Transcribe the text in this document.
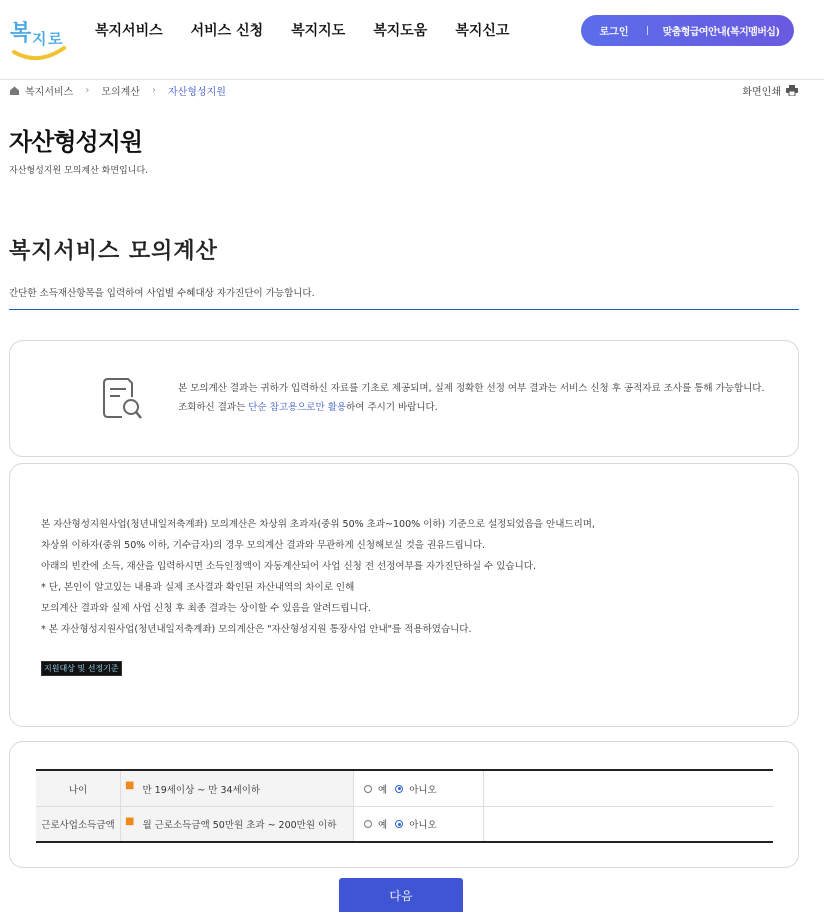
복 지 로 복지서비스 서비스 신청 복지지도 복지도움 복지신고	로그인	맞춤형급여안내(복지멤버십)
복지서비스 › 모의계산 › 자산형성지원	화면인쇄
자산형성지원

자산형성지원 모의계산 화면입니다.

복지서비스 모의계산

간단한 소득재산항목을 입력하여 사업별 수혜대상 자가진단이 가능합니다.

본 모의계산 결과는 귀하가 입력하신 자료를 기초로 제공되며, 실제 정확한 선정 여부 결과는 서비스 신청 후 공적자료 조사를 통해 가능합니다. 조회하신 결과는 단순 참고용으로만 활용하여 주시기 바랍니다.

본 자산형성지원사업(청년내일저축계좌) 모의계산은 차상위 초과자(중위 50% 초과~100% 이하) 기준으로 설정되었음을 안내드리며,

차상위 이하자(중위 50% 이하, 기수급자)의 경우 모의계산 결과와 무관하게 신청해보실 것을 권유드립니다.

아래의 빈칸에 소득, 재산을 입력하시면 소득인정액이 자동계산되어 사업 신청 전 선정여부를 자가진단하실 수 있습니다.

* 단, 본인이 알고있는 내용과 실제 조사결과 확인된 자산내역의 차이로 인해

모의계산 결과와 실제 사업 신청 후 최종 결과는 상이할 수 있음을 알려드립니다.

* 본 자산형성지원사업(청년내일저축계좌) 모의계산은 "자산형성지원 통장사업 안내"를 적용하였습니다.

지원대상 및 선정기준
나이	■ 만 19세이상 ~ 만 34세이하	예 아니오
근로사업소득금액	■ 월 근로소득금액 50만원 초과 ~ 200만원 이하	예 아니오
다음
